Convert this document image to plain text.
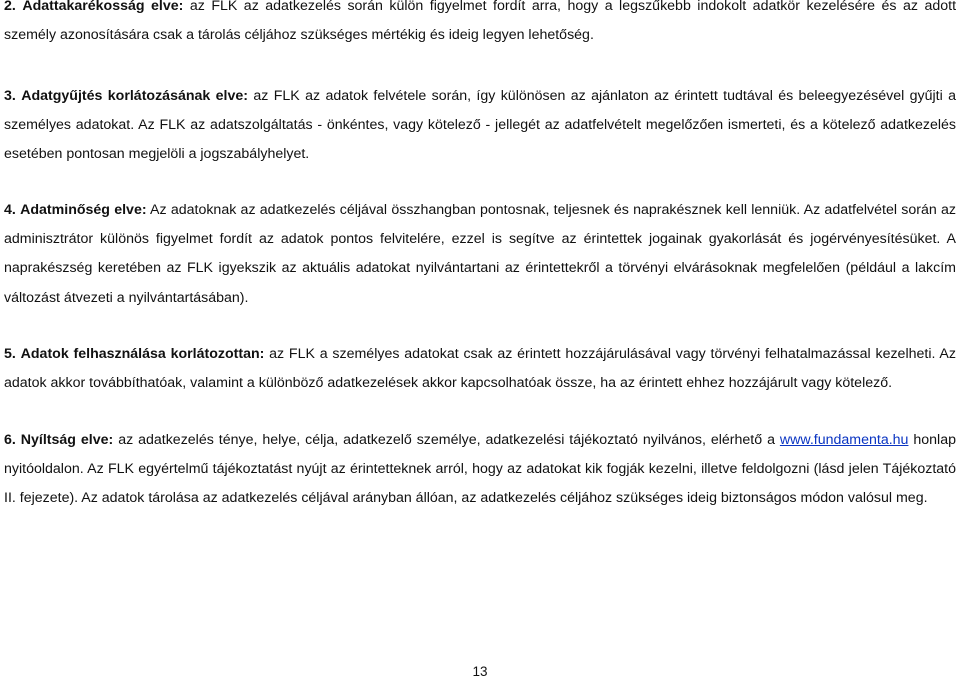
2. Adattakarékosság elve: az FLK az adatkezelés során külön figyelmet fordít arra, hogy a legszűkebb indokolt adatkör kezelésére és az adott személy azonosítására csak a tárolás céljához szükséges mértékig és ideig legyen lehetőség.

3. Adatgyűjtés korlátozásának elve: az FLK az adatok felvétele során, így különösen az ajánlaton az érintett tudtával és beleegyezésével gyűjti a személyes adatokat. Az FLK az adatszolgáltatás - önkéntes, vagy kötelező - jellegét az adatfelvételt megelőzően ismerteti, és a kötelező adatkezelés esetében pontosan megjelöli a jogszabályhelyet.

4. Adatminőség elve: Az adatoknak az adatkezelés céljával összhangban pontosnak, teljesnek és naprakésznek kell lenniük. Az adatfelvétel során az adminisztrátor különös figyelmet fordít az adatok pontos felvitelére, ezzel is segítve az érintettek jogainak gyakorlását és jogérvényesítésüket. A naprakészség keretében az FLK igyekszik az aktuális adatokat nyilvántartani az érintettekről a törvényi elvárásoknak megfelelően (például a lakcím változást átvezeti a nyilvántartásában).

5. Adatok felhasználása korlátozottan: az FLK a személyes adatokat csak az érintett hozzájárulásával vagy törvényi felhatalmazással kezelheti. Az adatok akkor továbbíthatóak, valamint a különböző adatkezelések akkor kapcsolhatóak össze, ha az érintett ehhez hozzájárult vagy kötelező.

6. Nyíltság elve: az adatkezelés ténye, helye, célja, adatkezelő személye, adatkezelési tájékoztató nyilvános, elérhető a www.fundamenta.hu honlap nyitóoldalon. Az FLK egyértelmű tájékoztatást nyújt az érintetteknek arról, hogy az adatokat kik fogják kezelni, illetve feldolgozni (lásd jelen Tájékoztató II. fejezete). Az adatok tárolása az adatkezelés céljával arányban állóan, az adatkezelés céljához szükséges ideig biztonságos módon valósul meg.

13
